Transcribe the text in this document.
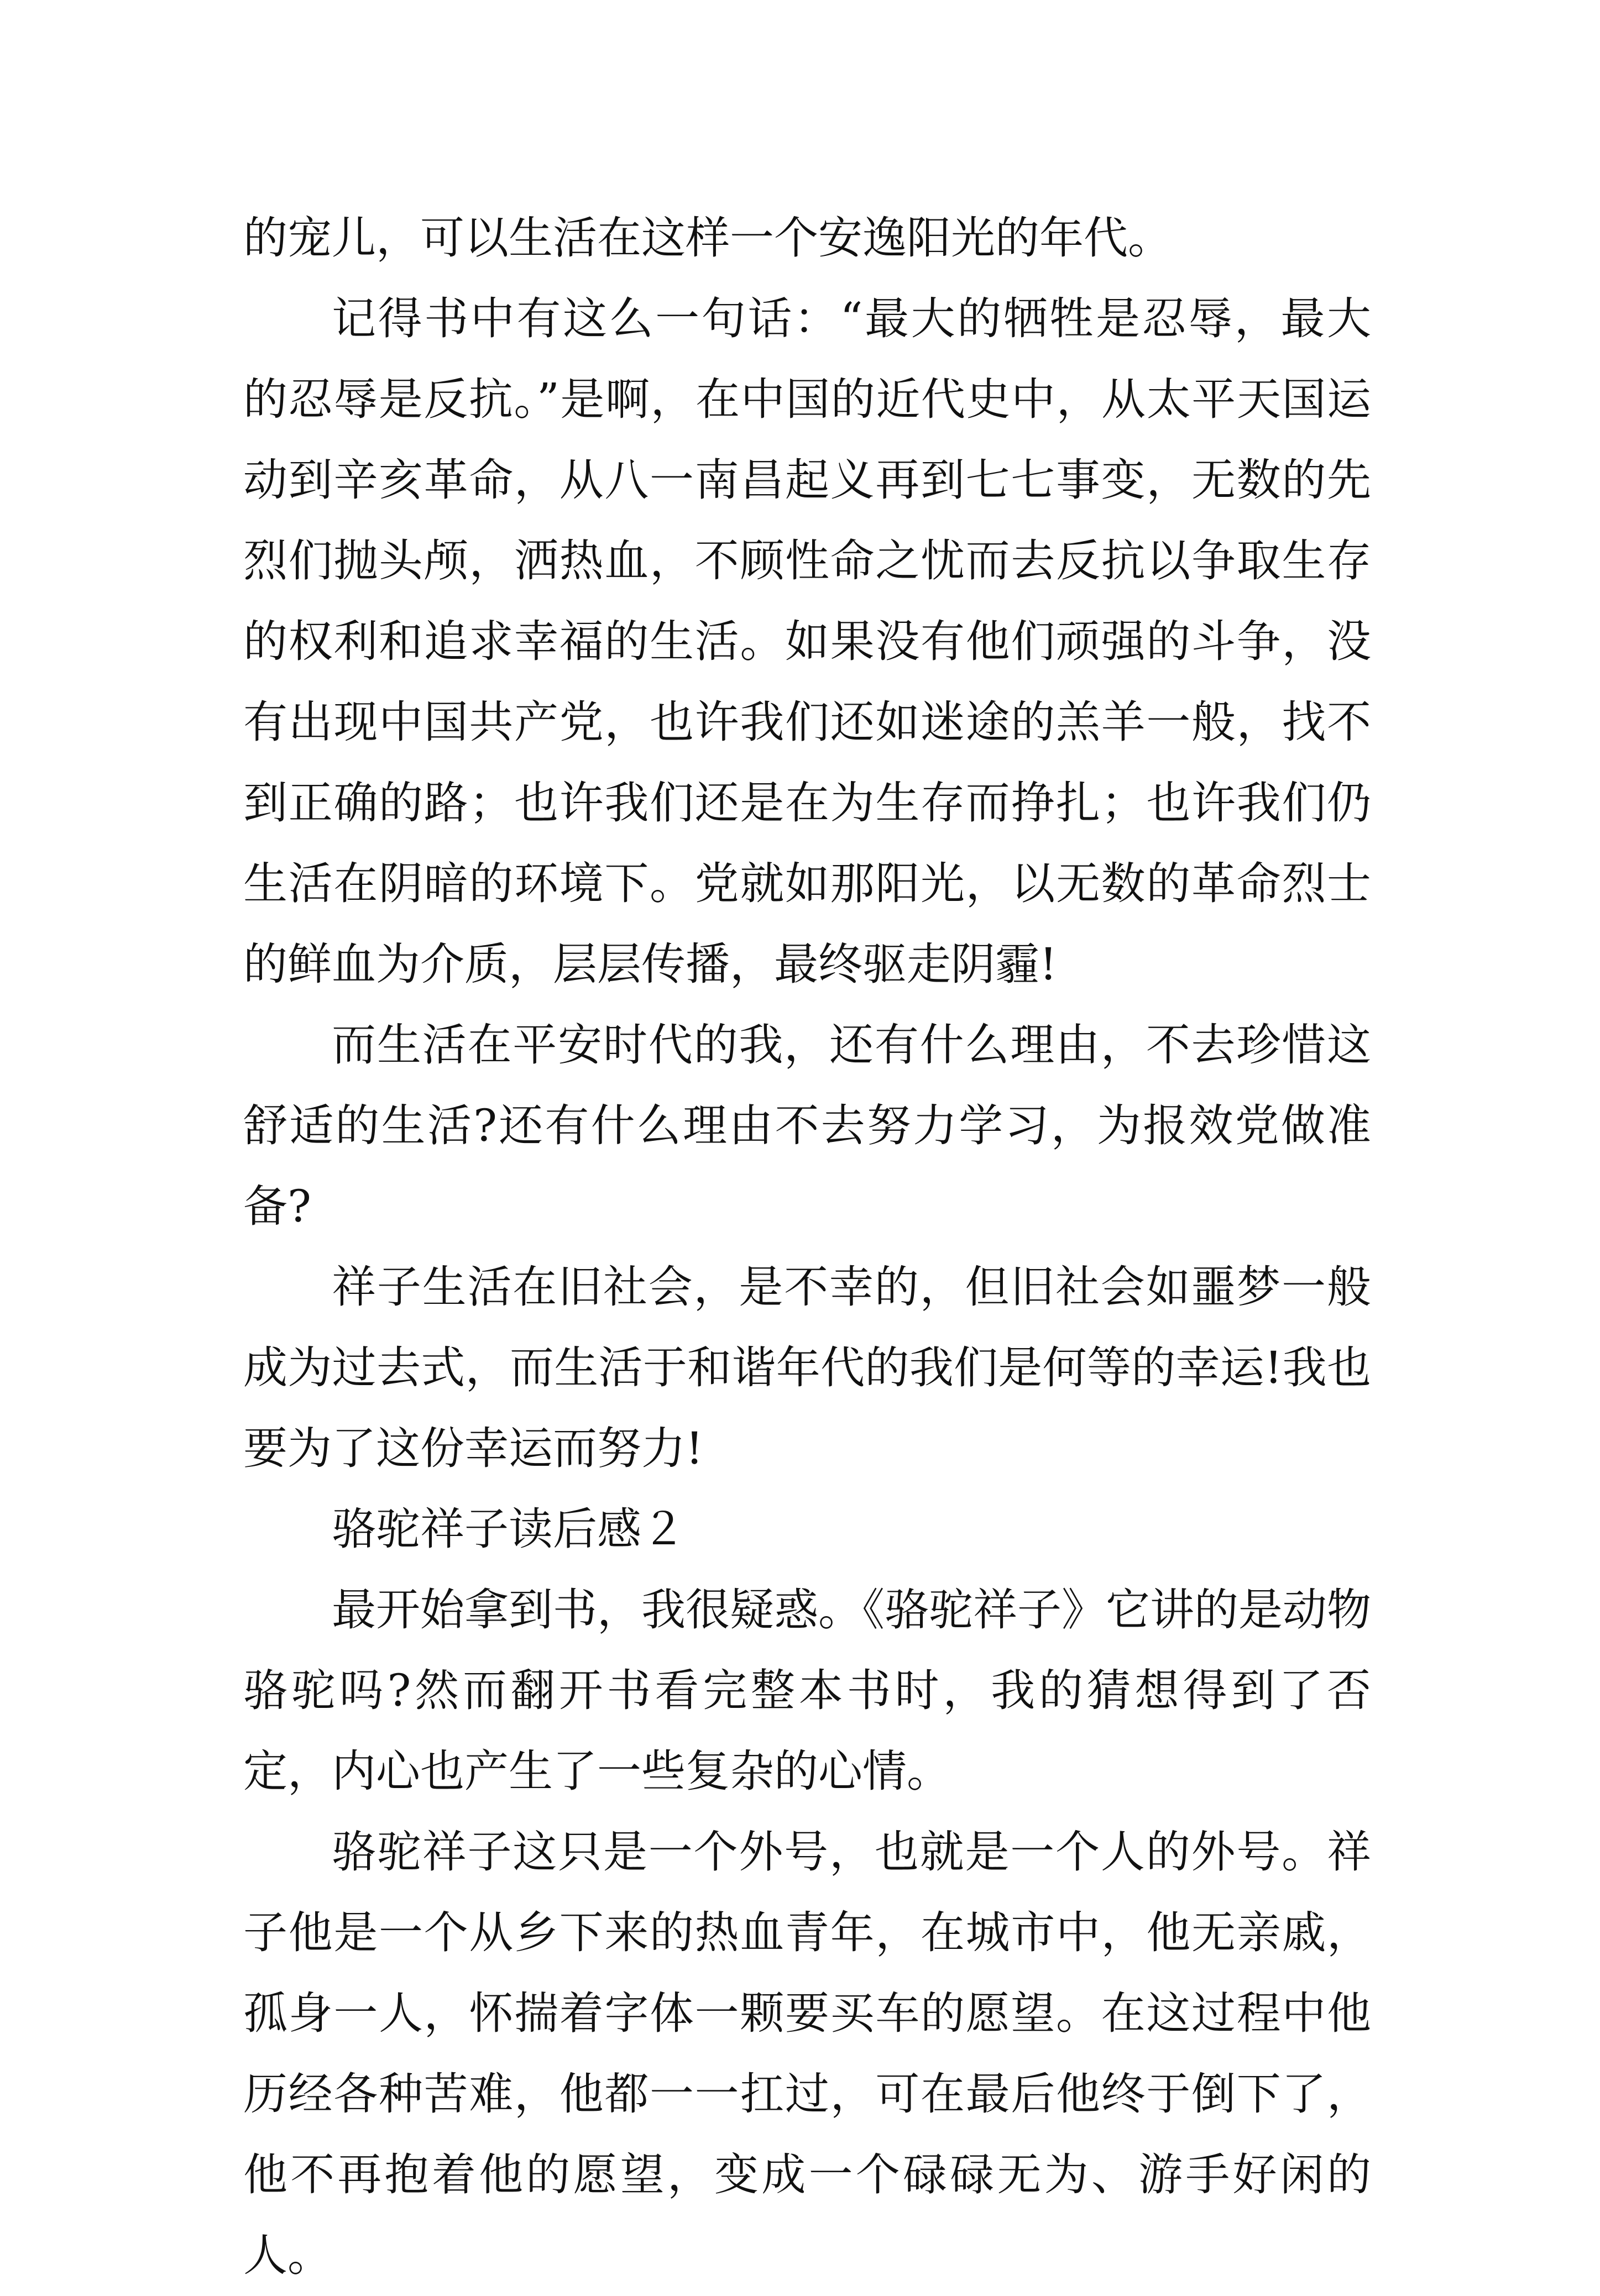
的宠儿，可以生活在这样一个安逸阳光的年代。

记得书中有这么一句话：“最大的牺牲是忍辱，最大的忍辱是反抗。”是啊，在中国的近代史中，从太平天国运动到辛亥革命，从八一南昌起义再到七七事变，无数的先烈们抛头颅，洒热血，不顾性命之忧而去反抗以争取生存的权利和追求幸福的生活。如果没有他们顽强的斗争，没有出现中国共产党，也许我们还如迷途的羔羊一般，找不到正确的路；也许我们还是在为生存而挣扎；也许我们仍生活在阴暗的环境下。党就如那阳光，以无数的革命烈士的鲜血为介质，层层传播，最终驱走阴霾!

而生活在平安时代的我，还有什么理由，不去珍惜这舒适的生活?还有什么理由不去努力学习，为报效党做准备?

祥子生活在旧社会，是不幸的，但旧社会如噩梦一般成为过去式，而生活于和谐年代的我们是何等的幸运!我也要为了这份幸运而努力!

骆驼祥子读后感２

最开始拿到书，我很疑惑。《骆驼祥子》它讲的是动物骆驼吗?然而翻开书看完整本书时，我的猜想得到了否定，内心也产生了一些复杂的心情。

骆驼祥子这只是一个外号，也就是一个人的外号。祥子他是一个从乡下来的热血青年，在城市中，他无亲戚，孤身一人，怀揣着字体一颗要买车的愿望。在这过程中他历经各种苦难，他都一一扛过，可在最后他终于倒下了，他不再抱着他的愿望，变成一个碌碌无为、游手好闲的人。
